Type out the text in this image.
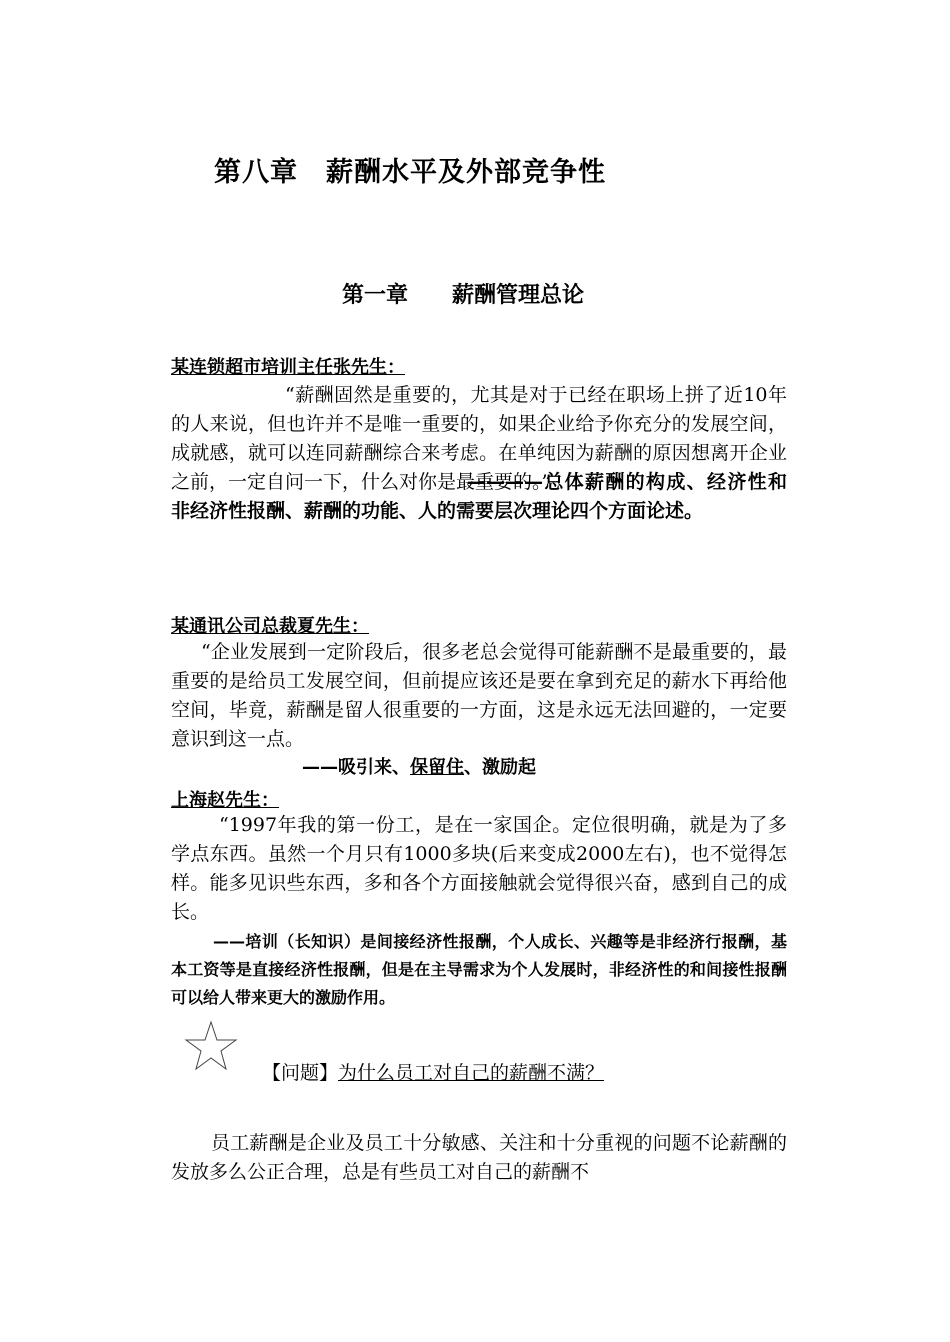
第八章　薪酬水平及外部竞争性
第一章　　薪酬管理总论
某连锁超市培训主任张先生：
“薪酬固然是重要的，尤其是对于已经在职场上拼了近10年的人来说，但也许并不是唯一重要的，如果企业给予你充分的发展空间，成就感，就可以连同薪酬综合来考虑。在单纯因为薪酬的原因想离开企业之前，一定自问一下，什么对你是最重要的。”
————总体薪酬的构成、经济性和非经济性报酬、薪酬的功能、人的需要层次理论四个方面论述。
某通讯公司总裁夏先生：
“企业发展到一定阶段后，很多老总会觉得可能薪酬不是最重要的，最重要的是给员工发展空间，但前提应该还是要在拿到充足的薪水下再给他空间，毕竟，薪酬是留人很重要的一方面，这是永远无法回避的，一定要意识到这一点。
——吸引来、保留住、激励起
上海赵先生：
“1997年我的第一份工，是在一家国企。定位很明确，就是为了多学点东西。虽然一个月只有1000多块(后来变成2000左右)，也不觉得怎样。能多见识些东西，多和各个方面接触就会觉得很兴奋，感到自己的成长。
——培训（长知识）是间接经济性报酬，个人成长、兴趣等是非经济行报酬，基本工资等是直接经济性报酬，但是在主导需求为个人发展时，非经济性的和间接性报酬可以给人带来更大的激励作用。
【问题】为什么员工对自己的薪酬不满？
员工薪酬是企业及员工十分敏感、关注和十分重视的问题不论薪酬的发放多么公正合理，总是有些员工对自己的薪酬不
